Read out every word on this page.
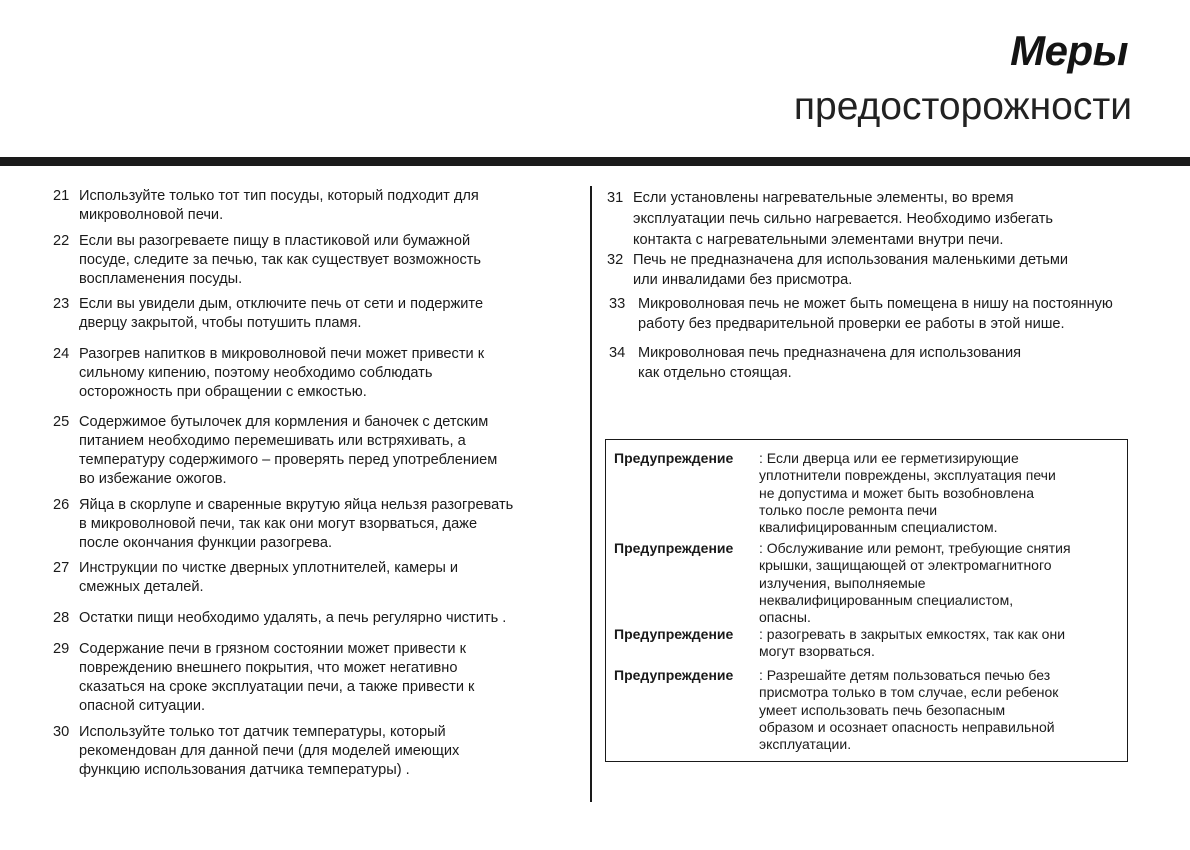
Меры
предосторожности
21 Используйте только тот тип посуды, который подходит для
микроволновой печи.
22 Если вы разогреваете пищу в пластиковой или бумажной
посуде, следите за печью, так как существует возможность
воспламенения посуды.
23 Если вы увидели дым, отключите печь от сети и подержите
дверцу закрытой, чтобы потушить пламя.
24 Разогрев напитков в микроволновой печи может привести к
сильному кипению, поэтому необходимо соблюдать
осторожность при обращении с емкостью.
25 Содержимое бутылочек для кормления и баночек с детским
питанием необходимо перемешивать или встряхивать, а
температуру содержимого – проверять перед употреблением
во избежание ожогов.
26 Яйца в скорлупе и сваренные вкрутую яйца нельзя разогревать
в микроволновой печи, так как они могут взорваться, даже
после окончания функции разогрева.
27 Инструкции по чистке дверных уплотнителей, камеры и
смежных деталей.
28 Остатки пищи необходимо удалять, а печь регулярно чистить .
29 Содержание печи в грязном состоянии может привести к
повреждению внешнего покрытия, что может негативно
сказаться на сроке эксплуатации печи, а также привести к
опасной ситуации.
30 Используйте только тот датчик температуры, который
рекомендован для данной печи (для моделей имеющих
функцию использования датчика температуры) .
31 Если установлены нагревательные элементы, во время
эксплуатации печь сильно нагревается. Необходимо избегать
контакта с нагревательными элементами внутри печи.
32 Печь не предназначена для использования маленькими детьми
или инвалидами без присмотра.
33 Микроволновая печь не может быть помещена в нишу на постоянную
работу без предварительной проверки ее работы в этой нише.
34 Микроволновая печь предназначена для использования
как отдельно стоящая.
Предупреждение	: Если дверца или ее герметизирующие
уплотнители повреждены, эксплуатация печи
не допустима и может быть возобновлена
только после ремонта печи
квалифицированным специалистом.
Предупреждение	: Обслуживание или ремонт, требующие снятия
крышки, защищающей от электромагнитного
излучения, выполняемые
неквалифицированным специалистом,
опасны.
Предупреждение	: разогревать в закрытых емкостях, так как они
могут взорваться.
Предупреждение	: Разрешайте детям пользоваться печью без
присмотра только в том случае, если ребенок
умеет использовать печь безопасным
образом и осознает опасность неправильной
эксплуатации.
